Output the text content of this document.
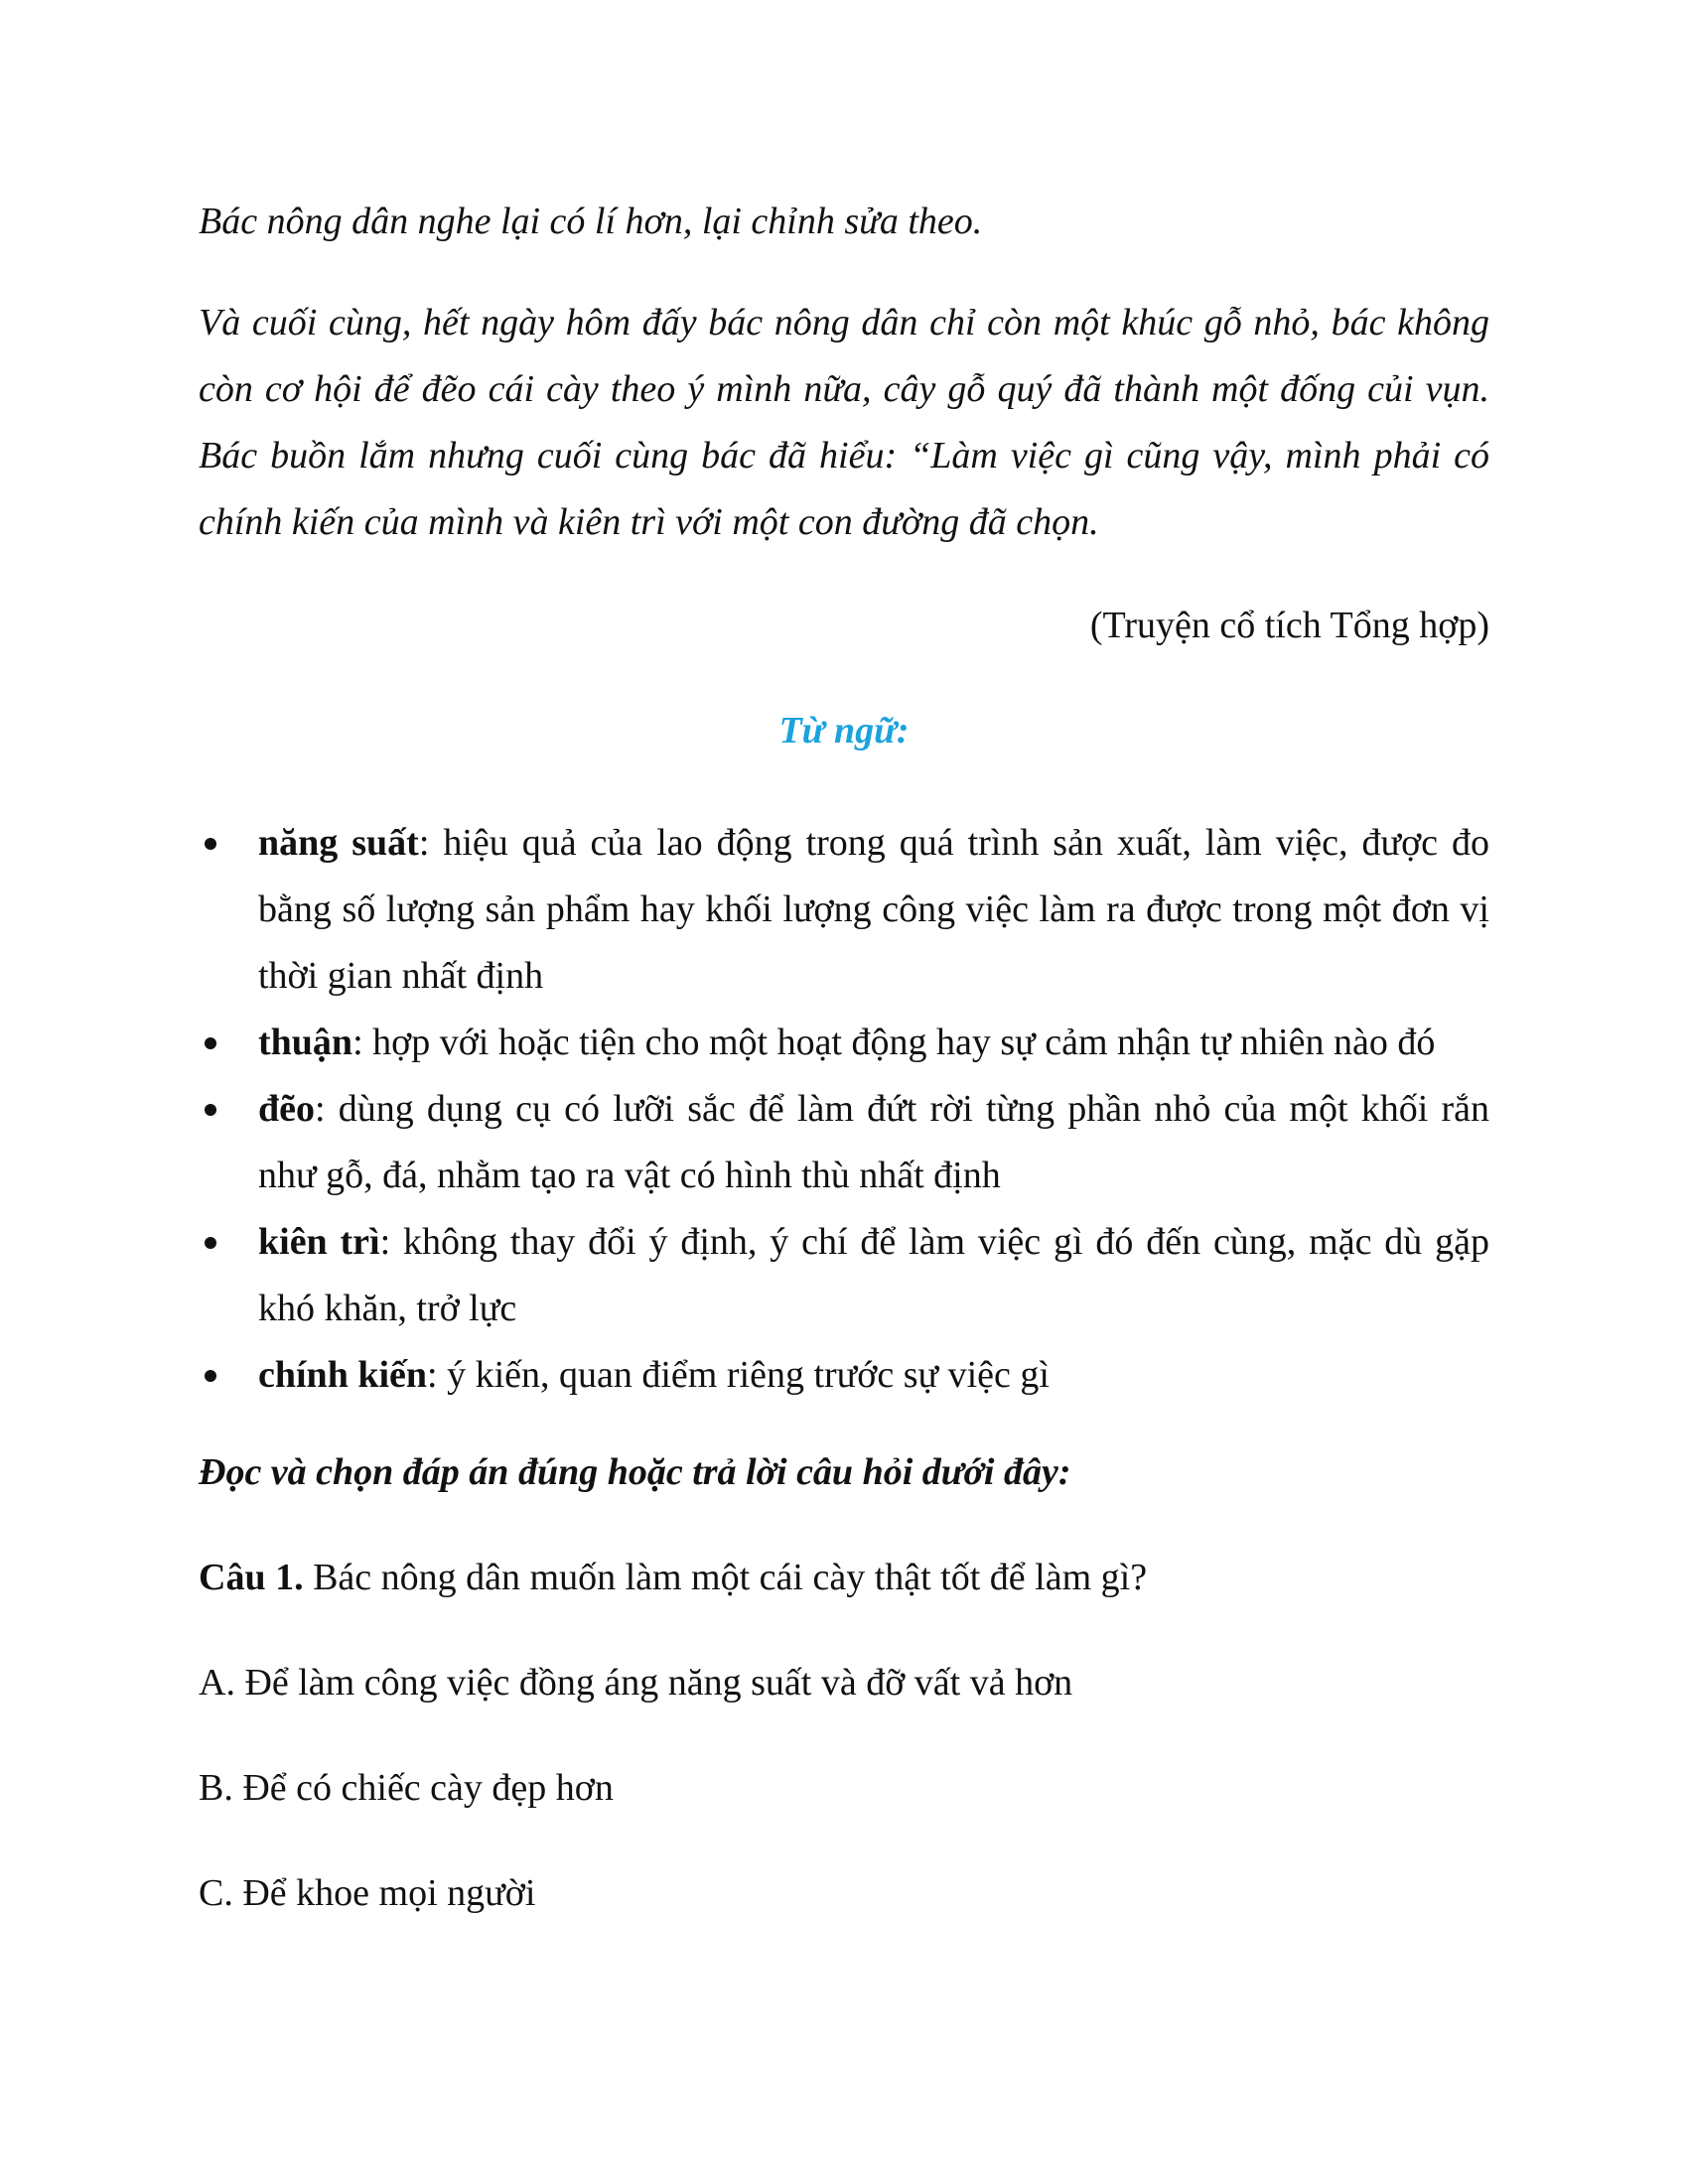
Bác nông dân nghe lại có lí hơn, lại chỉnh sửa theo.

Và cuối cùng, hết ngày hôm đấy bác nông dân chỉ còn một khúc gỗ nhỏ, bác không còn cơ hội để đẽo cái cày theo ý mình nữa, cây gỗ quý đã thành một đống củi vụn. Bác buồn lắm nhưng cuối cùng bác đã hiểu: “Làm việc gì cũng vậy, mình phải có chính kiến của mình và kiên trì với một con đường đã chọn.

(Truyện cổ tích Tổng hợp)

Từ ngữ:

năng suất: hiệu quả của lao động trong quá trình sản xuất, làm việc, được đo bằng số lượng sản phẩm hay khối lượng công việc làm ra được trong một đơn vị thời gian nhất định
thuận: hợp với hoặc tiện cho một hoạt động hay sự cảm nhận tự nhiên nào đó
đẽo: dùng dụng cụ có lưỡi sắc để làm đứt rời từng phần nhỏ của một khối rắn như gỗ, đá, nhằm tạo ra vật có hình thù nhất định
kiên trì: không thay đổi ý định, ý chí để làm việc gì đó đến cùng, mặc dù gặp khó khăn, trở lực
chính kiến: ý kiến, quan điểm riêng trước sự việc gì

Đọc và chọn đáp án đúng hoặc trả lời câu hỏi dưới đây:

Câu 1. Bác nông dân muốn làm một cái cày thật tốt để làm gì?

A. Để làm công việc đồng áng năng suất và đỡ vất vả hơn

B. Để có chiếc cày đẹp hơn

C. Để khoe mọi người
